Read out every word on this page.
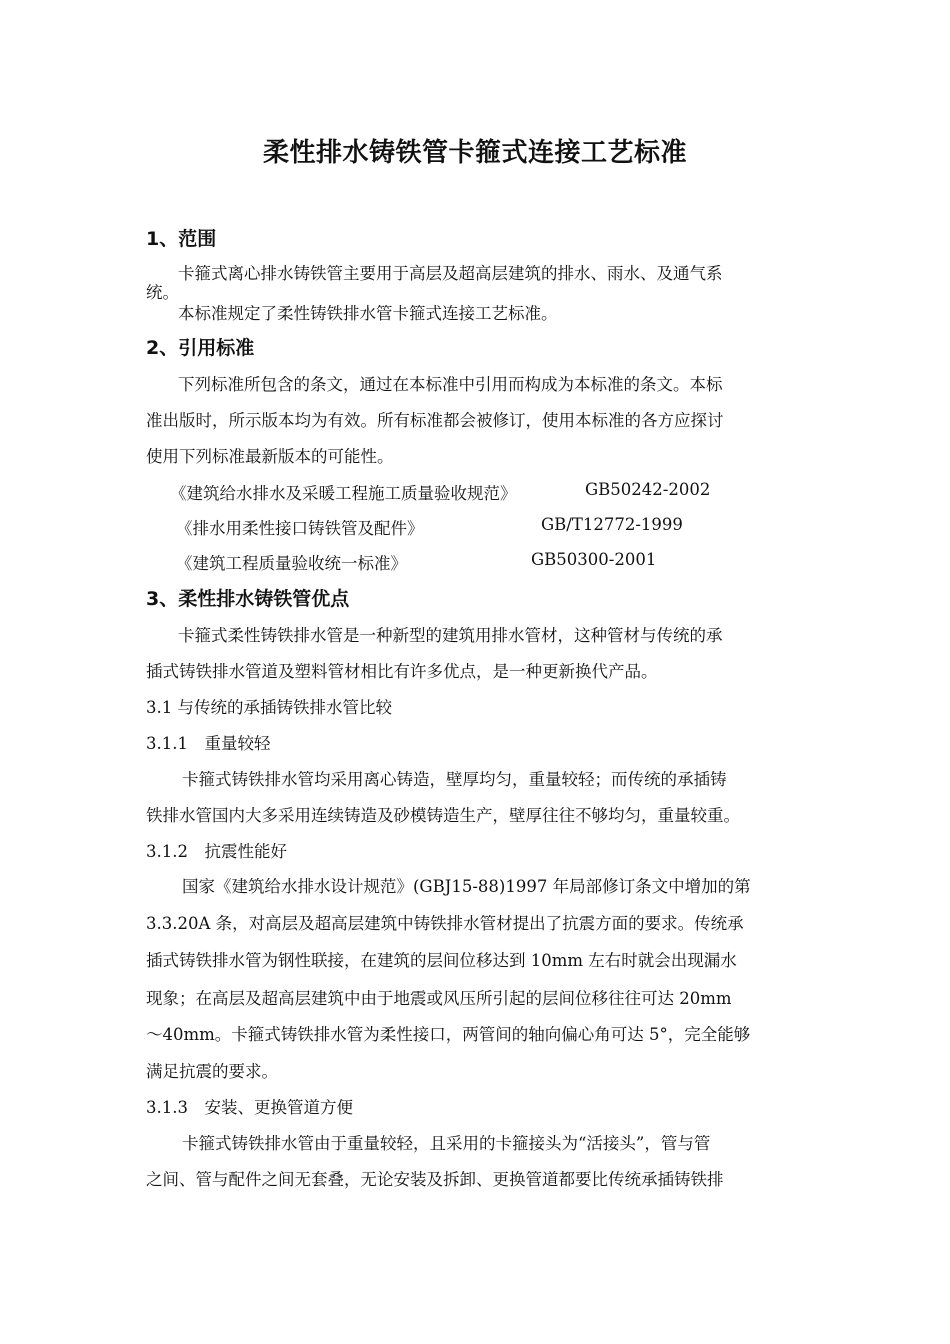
柔性排水铸铁管卡箍式连接工艺标准
1、范围
卡箍式离心排水铸铁管主要用于高层及超高层建筑的排水、雨水、及通气系
统。
本标准规定了柔性铸铁排水管卡箍式连接工艺标准。
2、引用标准
下列标准所包含的条文，通过在本标准中引用而构成为本标准的条文。本标
准出版时，所示版本均为有效。所有标准都会被修订，使用本标准的各方应探讨
使用下列标准最新版本的可能性。
《建筑给水排水及采暖工程施工质量验收规范》	GB50242-2002
《排水用柔性接口铸铁管及配件》	GB/T12772-1999
《建筑工程质量验收统一标准》	GB50300-2001
3、柔性排水铸铁管优点
卡箍式柔性铸铁排水管是一种新型的建筑用排水管材，这种管材与传统的承
插式铸铁排水管道及塑料管材相比有许多优点，是一种更新换代产品。
3.1 与传统的承插铸铁排水管比较
3.1.1　重量较轻
卡箍式铸铁排水管均采用离心铸造，壁厚均匀，重量较轻；而传统的承插铸
铁排水管国内大多采用连续铸造及砂模铸造生产，壁厚往往不够均匀，重量较重。
3.1.2　抗震性能好
国家《建筑给水排水设计规范》(GBJ15-88)1997 年局部修订条文中增加的第
3.3.20A 条，对高层及超高层建筑中铸铁排水管材提出了抗震方面的要求。传统承
插式铸铁排水管为钢性联接，在建筑的层间位移达到 10mm 左右时就会出现漏水
现象；在高层及超高层建筑中由于地震或风压所引起的层间位移往往可达 20mm
～40mm。卡箍式铸铁排水管为柔性接口，两管间的轴向偏心角可达 5°，完全能够
满足抗震的要求。
3.1.3　安装、更换管道方便
卡箍式铸铁排水管由于重量较轻，且采用的卡箍接头为“活接头”，管与管
之间、管与配件之间无套叠，无论安装及拆卸、更换管道都要比传统承插铸铁排
